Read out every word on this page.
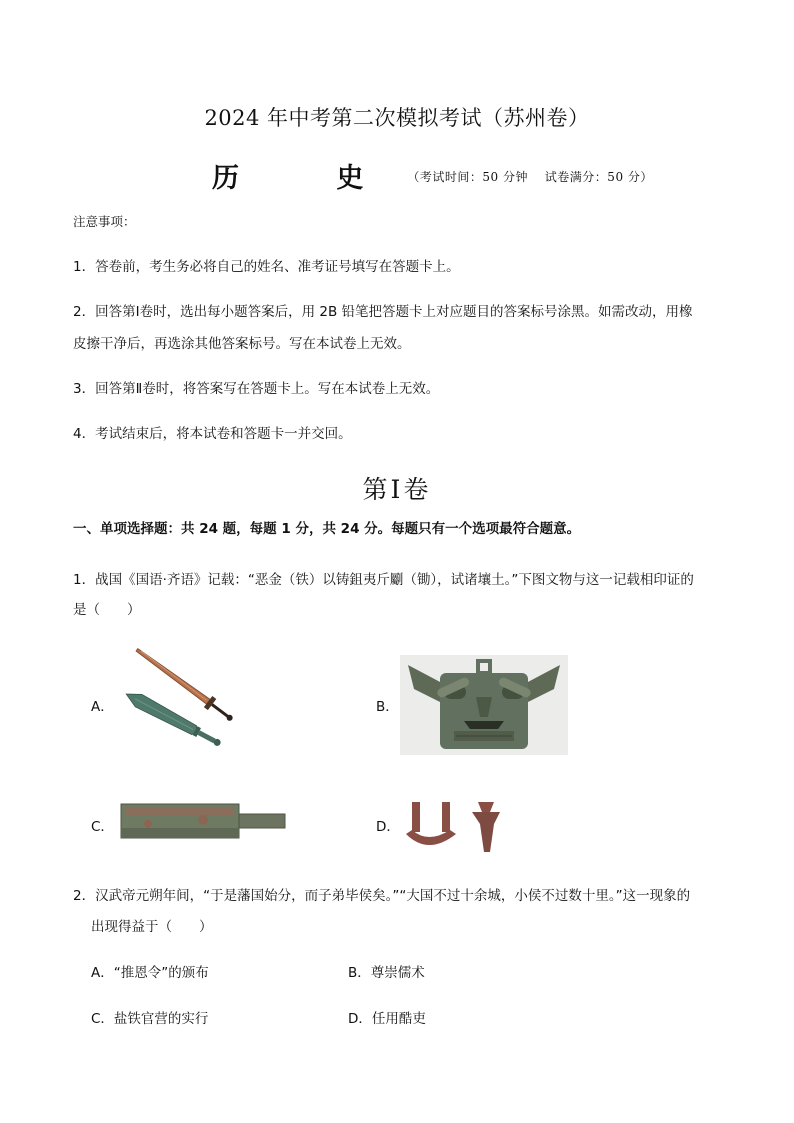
2024 年中考第二次模拟考试（苏州卷）
历 史$^{(考试时间:50 分钟 试卷满分:50 分)}$
注意事项：
1．答卷前，考生务必将自己的姓名、准考证号填写在答题卡上。
2．回答第Ⅰ卷时，选出每小题答案后，用 2B 铅笔把答题卡上对应题目的答案标号涂黑。如需改动，用橡
皮擦干净后，再选涂其他答案标号。写在本试卷上无效。
3．回答第Ⅱ卷时，将答案写在答题卡上。写在本试卷上无效。
4．考试结束后，将本试卷和答题卡一并交回。
第Ⅰ卷
一、单项选择题：共 24 题，每题 1 分，共 24 分。每题只有一个选项最符合题意。
1．战国《国语·齐语》记载：“恶金（铁）以铸鉏夷斤劚（锄），试诸壤土。”下图文物与这一记载相印证的
是（　　）
A．	B．
C．	D．
2．汉武帝元朔年间，“于是藩国始分，而子弟毕侯矣。”“大国不过十余城，小侯不过数十里。”这一现象的
出现得益于（　　）
A．“推恩令”的颁布	B．尊崇儒术
C．盐铁官营的实行	D．任用酷吏
